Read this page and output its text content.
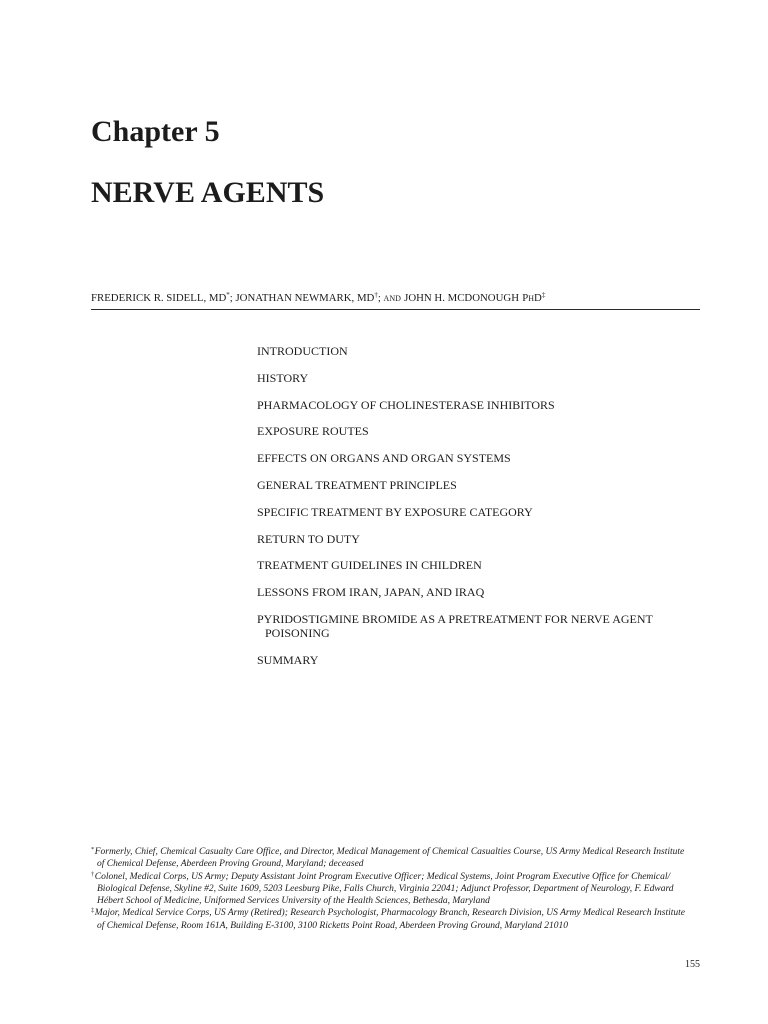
Chapter 5
NERVE AGENTS

FREDERICK R. SIDELL, MD*; JONATHAN NEWMARK, MD†; and JOHN H. MCDONOUGH PhD‡

INTRODUCTION
HISTORY
PHARMACOLOGY OF CHOLINESTERASE INHIBITORS
EXPOSURE ROUTES
EFFECTS ON ORGANS AND ORGAN SYSTEMS
GENERAL TREATMENT PRINCIPLES
SPECIFIC TREATMENT BY EXPOSURE CATEGORY
RETURN TO DUTY
TREATMENT GUIDELINES IN CHILDREN
LESSONS FROM IRAN, JAPAN, AND IRAQ
PYRIDOSTIGMINE BROMIDE AS A PRETREATMENT FOR NERVE AGENT POISONING
SUMMARY
*Formerly, Chief, Chemical Casualty Care Office, and Director, Medical Management of Chemical Casualties Course, US Army Medical Research Institute
of Chemical Defense, Aberdeen Proving Ground, Maryland; deceased
†Colonel, Medical Corps, US Army; Deputy Assistant Joint Program Executive Officer; Medical Systems, Joint Program Executive Office for Chemical/
Biological Defense, Skyline #2, Suite 1609, 5203 Leesburg Pike, Falls Church, Virginia 22041; Adjunct Professor, Department of Neurology, F. Edward
Hébert School of Medicine, Uniformed Services University of the Health Sciences, Bethesda, Maryland
‡Major, Medical Service Corps, US Army (Retired); Research Psychologist, Pharmacology Branch, Research Division, US Army Medical Research Institute
of Chemical Defense, Room 161A, Building E-3100, 3100 Ricketts Point Road, Aberdeen Proving Ground, Maryland 21010
155
